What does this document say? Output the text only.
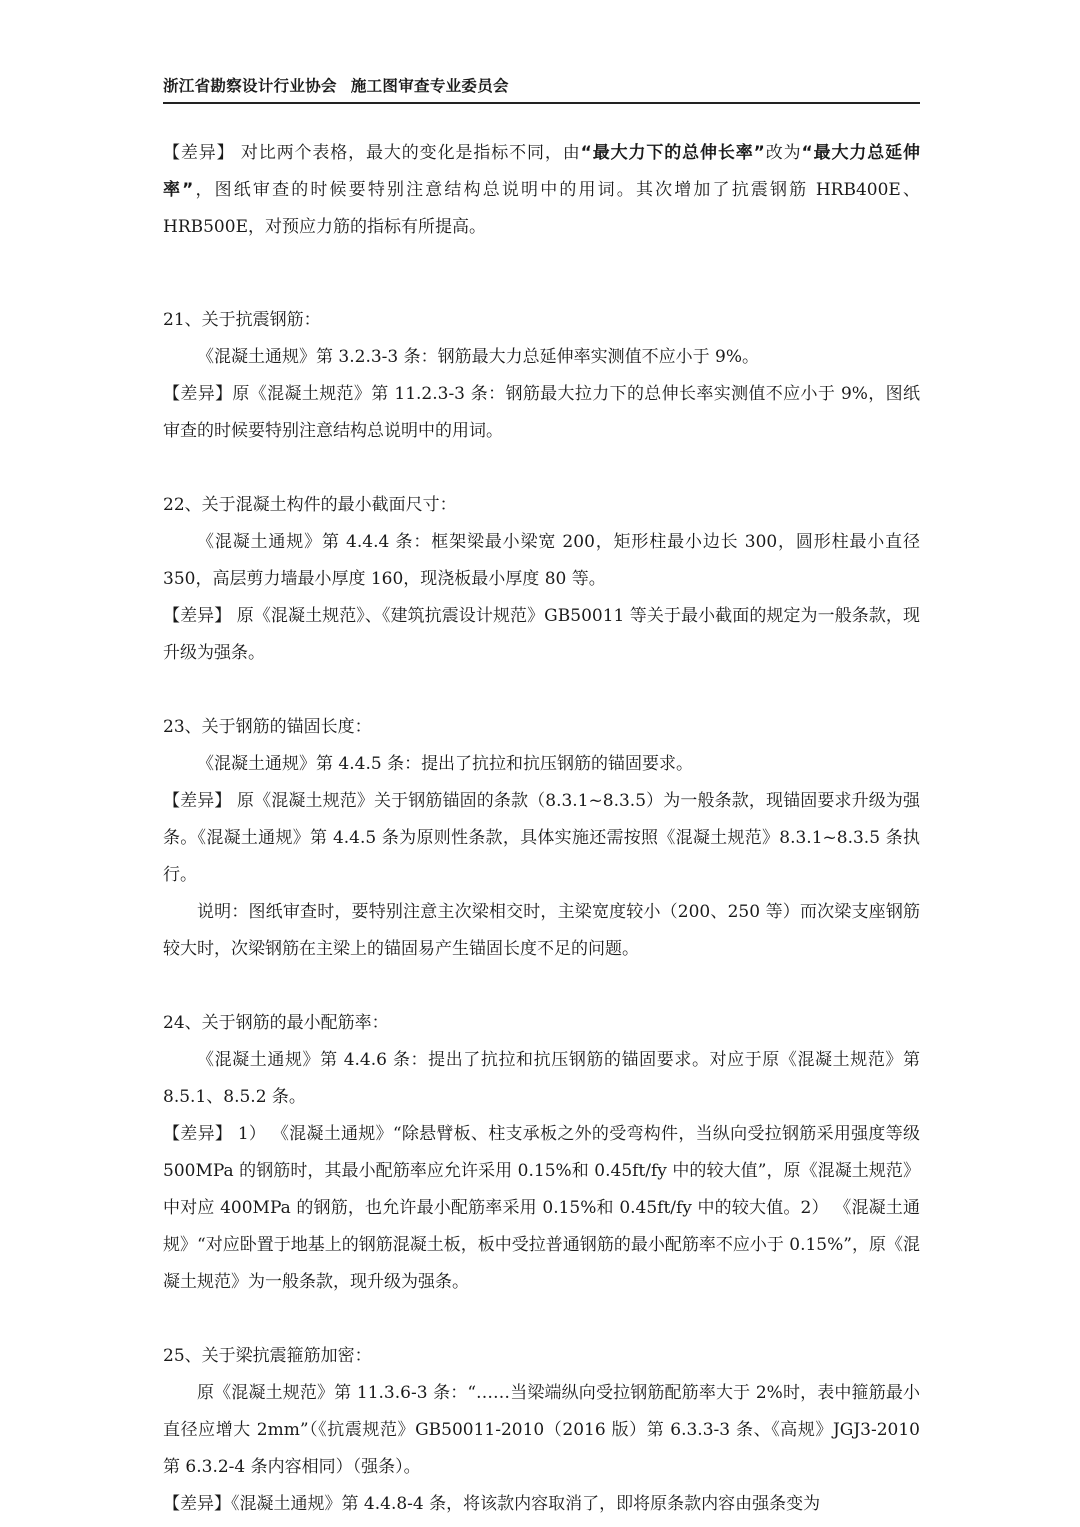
浙江省勘察设计行业协会 施工图审查专业委员会

【差异】 对比两个表格，最大的变化是指标不同，由“最大力下的总伸长率”改为“最大力总延伸率”，图纸审查的时候要特别注意结构总说明中的用词。其次增加了抗震钢筋 HRB400E、HRB500E，对预应力筋的指标有所提高。

21、关于抗震钢筋：

《混凝土通规》第 3.2.3-3 条：钢筋最大力总延伸率实测值不应小于 9%。

【差异】原《混凝土规范》第 11.2.3-3 条：钢筋最大拉力下的总伸长率实测值不应小于 9%，图纸审查的时候要特别注意结构总说明中的用词。

22、关于混凝土构件的最小截面尺寸：

《混凝土通规》第 4.4.4 条：框架梁最小梁宽 200，矩形柱最小边长 300，圆形柱最小直径 350，高层剪力墙最小厚度 160，现浇板最小厚度 80 等。

【差异】 原《混凝土规范》、《建筑抗震设计规范》GB50011 等关于最小截面的规定为一般条款，现升级为强条。

23、关于钢筋的锚固长度：

《混凝土通规》第 4.4.5 条：提出了抗拉和抗压钢筋的锚固要求。

【差异】 原《混凝土规范》关于钢筋锚固的条款（8.3.1~8.3.5）为一般条款，现锚固要求升级为强条。《混凝土通规》第 4.4.5 条为原则性条款，具体实施还需按照《混凝土规范》8.3.1~8.3.5 条执行。

说明：图纸审查时，要特别注意主次梁相交时，主梁宽度较小（200、250 等）而次梁支座钢筋较大时，次梁钢筋在主梁上的锚固易产生锚固长度不足的问题。

24、关于钢筋的最小配筋率：

《混凝土通规》第 4.4.6 条：提出了抗拉和抗压钢筋的锚固要求。对应于原《混凝土规范》第 8.5.1、8.5.2 条。

【差异】 1） 《混凝土通规》“除悬臂板、柱支承板之外的受弯构件，当纵向受拉钢筋采用强度等级 500MPa 的钢筋时，其最小配筋率应允许采用 0.15%和 0.45ft/fy 中的较大值”，原《混凝土规范》中对应 400MPa 的钢筋，也允许最小配筋率采用 0.15%和 0.45ft/fy 中的较大值。2） 《混凝土通规》“对应卧置于地基上的钢筋混凝土板，板中受拉普通钢筋的最小配筋率不应小于 0.15%”，原《混凝土规范》为一般条款，现升级为强条。

25、关于梁抗震箍筋加密：

原《混凝土规范》第 11.3.6-3 条：“……当梁端纵向受拉钢筋配筋率大于 2%时，表中箍筋最小直径应增大 2mm”（《抗震规范》GB50011-2010（2016 版）第 6.3.3-3 条、《高规》JGJ3-2010 第 6.3.2-4 条内容相同）（强条）。

【差异】《混凝土通规》第 4.4.8-4 条，将该款内容取消了，即将原条款内容由强条变为
